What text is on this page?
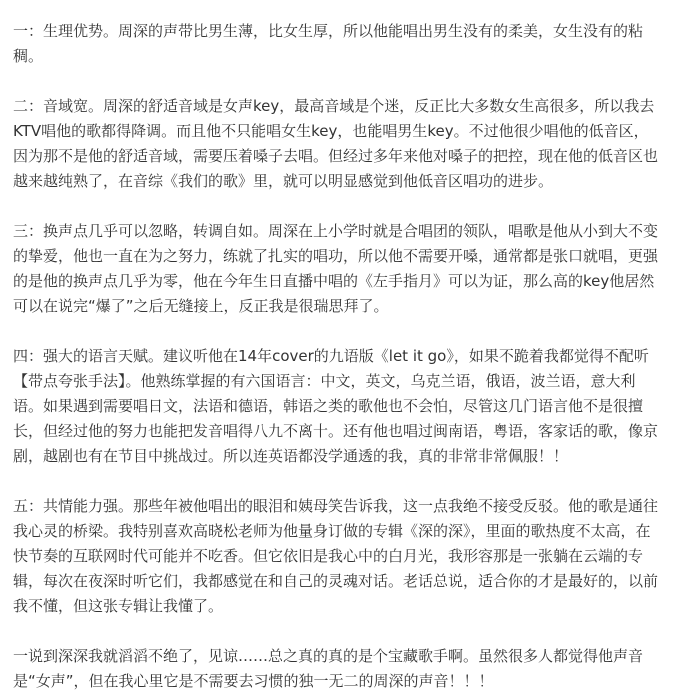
一：生理优势。周深的声带比男生薄，比女生厚，所以他能唱出男生没有的柔美，女生没有的粘稠。

二：音域宽。周深的舒适音域是女声key，最高音域是个迷，反正比大多数女生高很多，所以我去KTV唱他的歌都得降调。而且他不只能唱女生key，也能唱男生key。不过他很少唱他的低音区，因为那不是他的舒适音域，需要压着嗓子去唱。但经过多年来他对嗓子的把控，现在他的低音区也越来越纯熟了，在音综《我们的歌》里，就可以明显感觉到他低音区唱功的进步。

三：换声点几乎可以忽略，转调自如。周深在上小学时就是合唱团的领队，唱歌是他从小到大不变的挚爱，他也一直在为之努力，练就了扎实的唱功，所以他不需要开嗓，通常都是张口就唱，更强的是他的换声点几乎为零，他在今年生日直播中唱的《左手指月》可以为证，那么高的key他居然可以在说完“爆了”之后无缝接上，反正我是很瑞思拜了。

四：强大的语言天赋。建议听他在14年cover的九语版《let it go》，如果不跪着我都觉得不配听【带点夸张手法】。他熟练掌握的有六国语言：中文，英文，乌克兰语，俄语，波兰语，意大利语。如果遇到需要唱日文，法语和德语，韩语之类的歌他也不会怕，尽管这几门语言他不是很擅长，但经过他的努力也能把发音唱得八九不离十。还有他也唱过闽南语，粤语，客家话的歌，像京剧，越剧也有在节目中挑战过。所以连英语都没学通透的我，真的非常非常佩服！！

五：共情能力强。那些年被他唱出的眼泪和姨母笑告诉我，这一点我绝不接受反驳。他的歌是通往我心灵的桥梁。我特别喜欢高晓松老师为他量身订做的专辑《深的深》，里面的歌热度不太高，在快节奏的互联网时代可能并不吃香。但它依旧是我心中的白月光，我形容那是一张躺在云端的专辑，每次在夜深时听它们，我都感觉在和自己的灵魂对话。老话总说，适合你的才是最好的，以前我不懂，但这张专辑让我懂了。

一说到深深我就滔滔不绝了，见谅……总之真的真的是个宝藏歌手啊。虽然很多人都觉得他声音是“女声”，但在我心里它是不需要去习惯的独一无二的周深的声音！！！
